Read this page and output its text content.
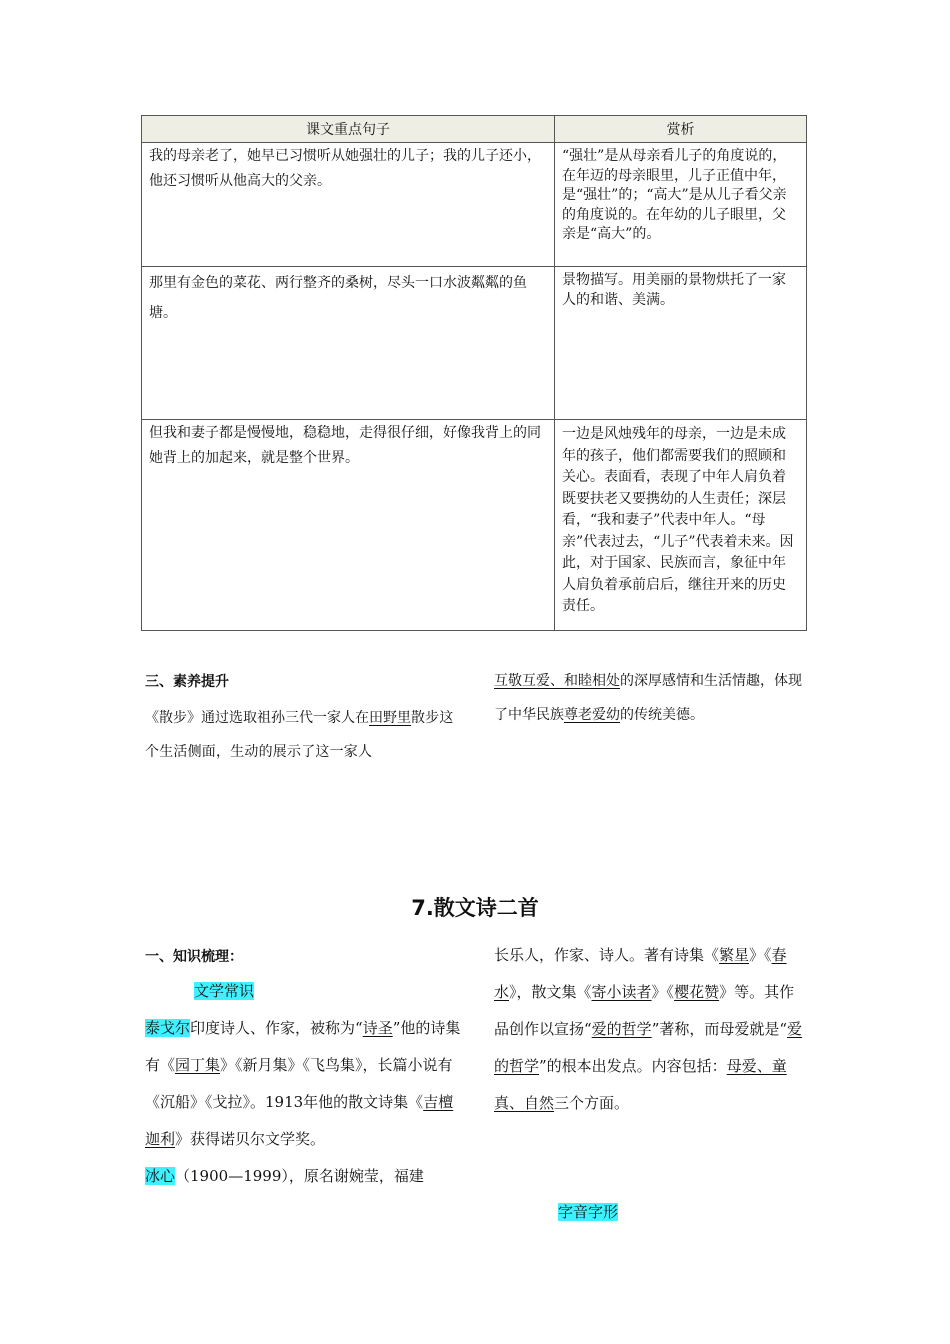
课文重点句子	赏析
我的母亲老了，她早已习惯听从她强壮的儿子；我的儿子还小，他还习惯听从他高大的父亲。	“强壮”是从母亲看儿子的角度说的，在年迈的母亲眼里，儿子正值中年，是“强壮”的；“高大”是从儿子看父亲的角度说的。在年幼的儿子眼里，父亲是“高大”的。
那里有金色的菜花、两行整齐的桑树，尽头一口水波粼粼的鱼塘。	景物描写。用美丽的景物烘托了一家人的和谐、美满。
但我和妻子都是慢慢地，稳稳地，走得很仔细，好像我背上的同她背上的加起来，就是整个世界。	一边是风烛残年的母亲，一边是未成年的孩子，他们都需要我们的照顾和关心。表面看，表现了中年人肩负着既要扶老又要携幼的人生责任；深层看，“我和妻子”代表中年人。“母亲”代表过去，“儿子”代表着未来。因此，对于国家、民族而言，象征中年人肩负着承前启后，继往开来的历史责任。
三、素养提升
《散步》通过选取祖孙三代一家人在田野里散步这个生活侧面，生动的展示了这一家人
互敬互爱、和睦相处的深厚感情和生活情趣，体现了中华民族尊老爱幼的传统美德。
7.散文诗二首
一、知识梳理：
文学常识
泰戈尔印度诗人、作家，被称为“诗圣”他的诗集有《园丁集》《新月集》《飞鸟集》，长篇小说有《沉船》《戈拉》。1913年他的散文诗集《吉檀迦利》获得诺贝尔文学奖。
冰心（1900—1999），原名谢婉莹，福建
长乐人，作家、诗人。著有诗集《繁星》《春水》，散文集《寄小读者》《樱花赞》等。其作品创作以宣扬“爱的哲学”著称，而母爱就是“爱的哲学”的根本出发点。内容包括：母爱、童真、自然三个方面。
字音字形
